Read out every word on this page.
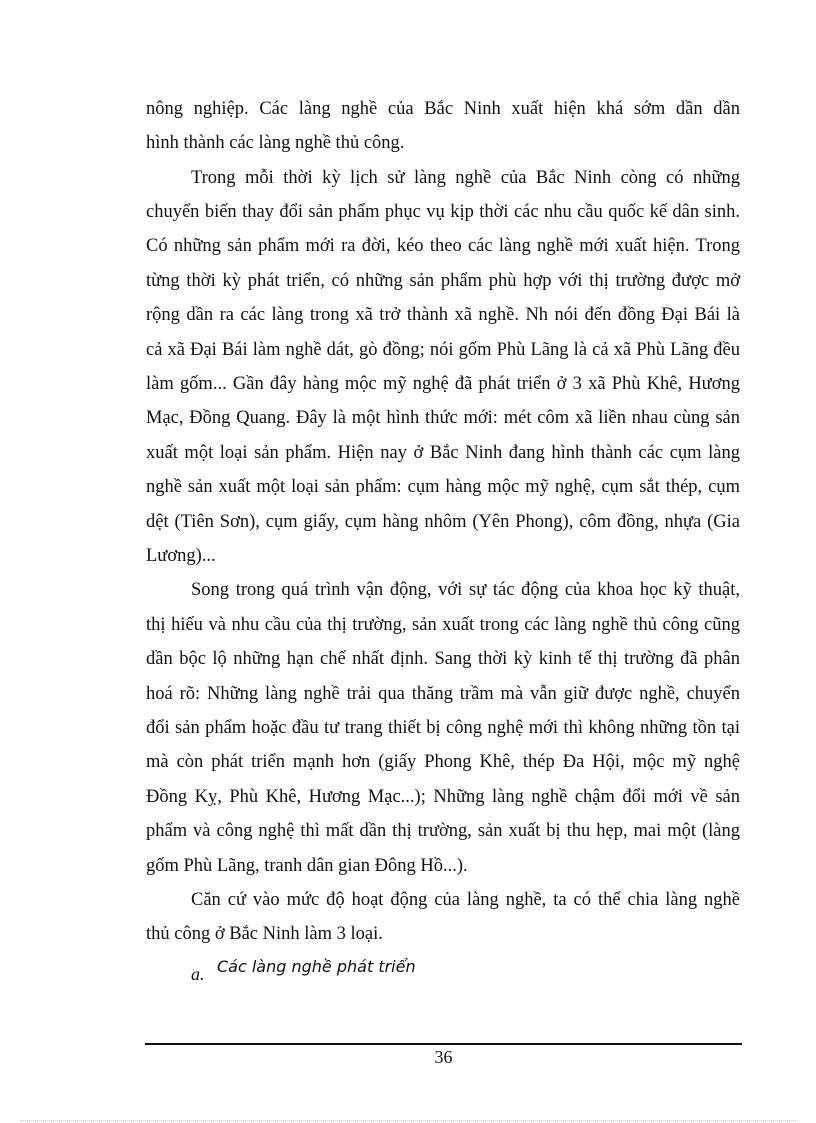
nông nghiệp. Các làng nghề của Bắc Ninh xuất hiện khá sớm dần dần
hình thành các làng nghề thủ công.
Trong mỗi thời kỳ lịch sử làng nghề của Bắc Ninh còng có những
chuyển biến thay đổi sản phẩm phục vụ kịp thời các nhu cầu quốc kế dân sinh.
Có những sản phẩm mới ra đời, kéo theo các làng nghề mới xuất hiện. Trong
từng thời kỳ phát triển, có những sản phẩm phù hợp với thị trường được mở
rộng dần ra các làng trong xã trở thành xã nghề. Nh nói đến đồng Đại Bái là
cả xã Đại Bái làm nghề dát, gò đồng; nói gốm Phù Lãng là cả xã Phù Lãng đều
làm gốm... Gần đây hàng mộc mỹ nghệ đã phát triển ở 3 xã Phù Khê, Hương
Mạc, Đồng Quang. Đây là một hình thức mới: mét côm xã liền nhau cùng sản
xuất một loại sản phẩm. Hiện nay ở Bắc Ninh đang hình thành các cụm làng
nghề sản xuất một loại sản phẩm: cụm hàng mộc mỹ nghệ, cụm sắt thép, cụm
dệt (Tiên Sơn), cụm giấy, cụm hàng nhôm (Yên Phong), côm đồng, nhựa (Gia
Lương)...
Song trong quá trình vận động, với sự tác động của khoa học kỹ thuật,
thị hiếu và nhu cầu của thị trường, sản xuất trong các làng nghề thủ công cũng
dần bộc lộ những hạn chế nhất định. Sang thời kỳ kinh tế thị trường đã phân
hoá rõ: Những làng nghề trải qua thăng trầm mà vẫn giữ được nghề, chuyển
đổi sản phẩm hoặc đầu tư trang thiết bị công nghệ mới thì không những tồn tại
mà còn phát triển mạnh hơn (giấy Phong Khê, thép Đa Hội, mộc mỹ nghệ
Đồng Kỵ, Phù Khê, Hương Mạc...); Những làng nghề chậm đổi mới về sản
phẩm và công nghệ thì mất dần thị trường, sản xuất bị thu hẹp, mai một (làng
gốm Phù Lãng, tranh dân gian Đông Hồ...).
Căn cứ vào mức độ hoạt động của làng nghề, ta có thể chia làng nghề
thủ công ở Bắc Ninh làm 3 loại.
a. Các làng nghề phát triển
36
